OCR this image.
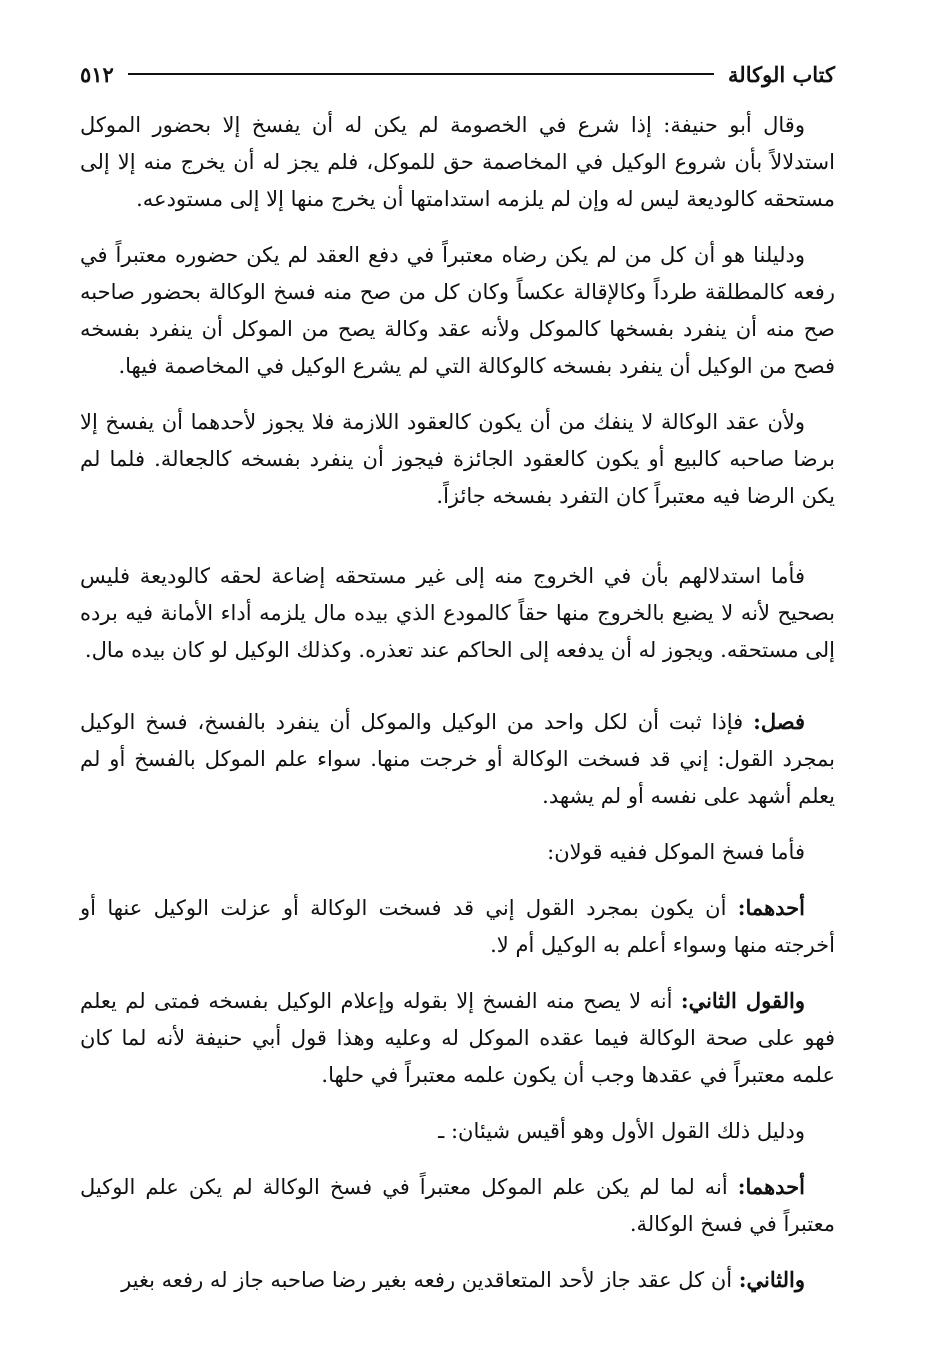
كتاب الوكالة
٥١٢

وقال أبو حنيفة: إذا شرع في الخصومة لم يكن له أن يفسخ إلا بحضور الموكل استدلالاً بأن شروع الوكيل في المخاصمة حق للموكل، فلم يجز له أن يخرج منه إلا إلى مستحقه كالوديعة ليس له وإن لم يلزمه استدامتها أن يخرج منها إلا إلى مستودعه.

ودليلنا هو أن كل من لم يكن رضاه معتبراً في دفع العقد لم يكن حضوره معتبراً في رفعه كالمطلقة طرداً وكالإقالة عكساً وكان كل من صح منه فسخ الوكالة بحضور صاحبه صح منه أن ينفرد بفسخها كالموكل ولأنه عقد وكالة يصح من الموكل أن ينفرد بفسخه فصح من الوكيل أن ينفرد بفسخه كالوكالة التي لم يشرع الوكيل في المخاصمة فيها.

ولأن عقد الوكالة لا ينفك من أن يكون كالعقود اللازمة فلا يجوز لأحدهما أن يفسخ إلا برضا صاحبه كالبيع أو يكون كالعقود الجائزة فيجوز أن ينفرد بفسخه كالجعالة. فلما لم يكن الرضا فيه معتبراً كان التفرد بفسخه جائزاً.

فأما استدلالهم بأن في الخروج منه إلى غير مستحقه إضاعة لحقه كالوديعة فليس بصحيح لأنه لا يضيع بالخروج منها حقاً كالمودع الذي بيده مال يلزمه أداء الأمانة فيه برده إلى مستحقه. ويجوز له أن يدفعه إلى الحاكم عند تعذره. وكذلك الوكيل لو كان بيده مال.

فصل: فإذا ثبت أن لكل واحد من الوكيل والموكل أن ينفرد بالفسخ، فسخ الوكيل بمجرد القول: إني قد فسخت الوكالة أو خرجت منها. سواء علم الموكل بالفسخ أو لم يعلم أشهد على نفسه أو لم يشهد.

فأما فسخ الموكل ففيه قولان:

أحدهما: أن يكون بمجرد القول إني قد فسخت الوكالة أو عزلت الوكيل عنها أو أخرجته منها وسواء أعلم به الوكيل أم لا.

والقول الثاني: أنه لا يصح منه الفسخ إلا بقوله وإعلام الوكيل بفسخه فمتى لم يعلم فهو على صحة الوكالة فيما عقده الموكل له وعليه وهذا قول أبي حنيفة لأنه لما كان علمه معتبراً في عقدها وجب أن يكون علمه معتبراً في حلها.

ودليل ذلك القول الأول وهو أقيس شيئان: ـ

أحدهما: أنه لما لم يكن علم الموكل معتبراً في فسخ الوكالة لم يكن علم الوكيل معتبراً في فسخ الوكالة.

والثاني: أن كل عقد جاز لأحد المتعاقدين رفعه بغير رضا صاحبه جاز له رفعه بغير
